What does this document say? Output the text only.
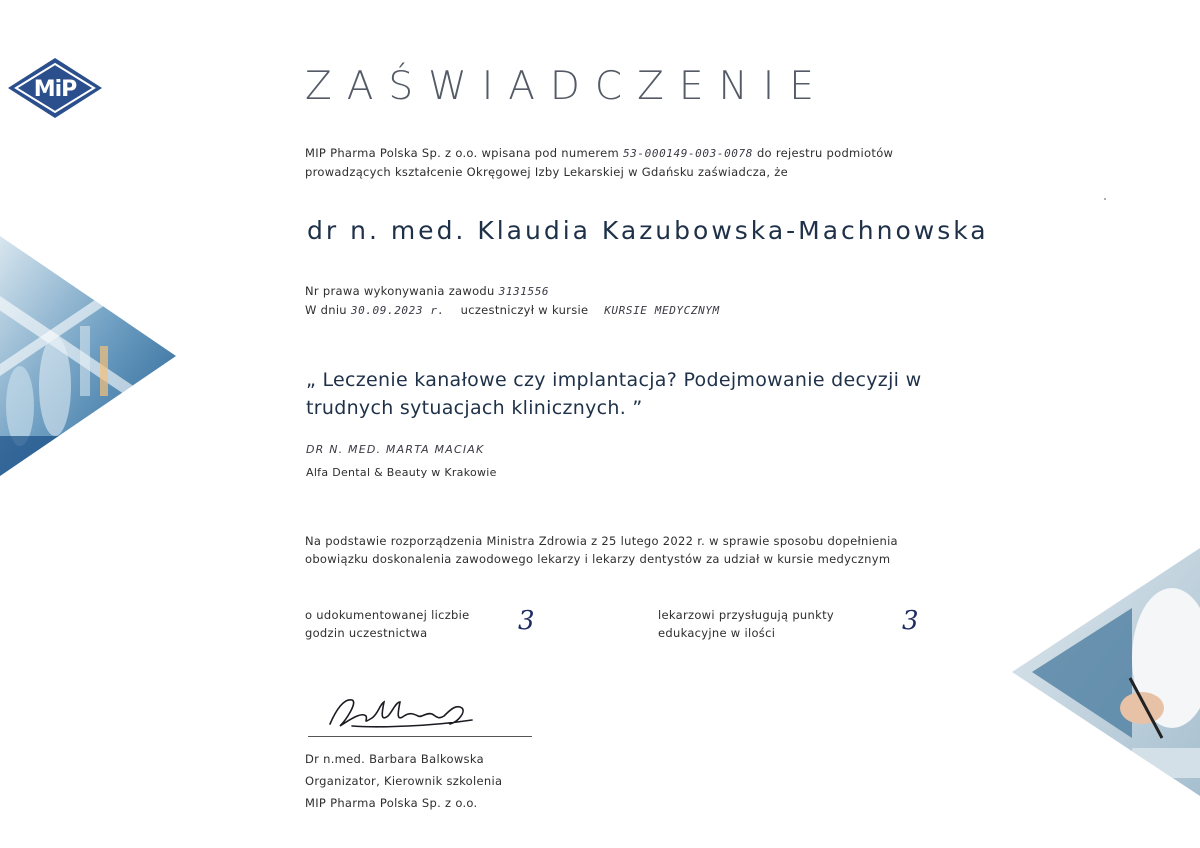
MiP	ZAŚWIADCZENIE
MIP Pharma Polska Sp. z o.o. wpisana pod numerem 53-000149-003-0078 do rejestru podmiotów
prowadzących kształcenie Okręgowej Izby Lekarskiej w Gdańsku zaświadcza, że
dr n. med. Klaudia Kazubowska-Machnowska
Nr prawa wykonywania zawodu 3131556
W dniu 30.09.2023 r. uczestniczył w kursie KURSIE MEDYCZNYM
„ Leczenie kanałowe czy implantacja? Podejmowanie decyzji w trudnych sytuacjach klinicznych. ”
DR N. MED. MARTA MACIAK
Alfa Dental & Beauty w Krakowie
Na podstawie rozporządzenia Ministra Zdrowia z 25 lutego 2022 r. w sprawie sposobu dopełnienia
obowiązku doskonalenia zawodowego lekarzy i lekarzy dentystów za udział w kursie medycznym
o udokumentowanej liczbie
godzin uczestnictwa	3	lekarzowi przysługują punkty
edukacyjne w ilości	3
Dr n.med. Barbara Balkowska
Organizator, Kierownik szkolenia
MIP Pharma Polska Sp. z o.o.
